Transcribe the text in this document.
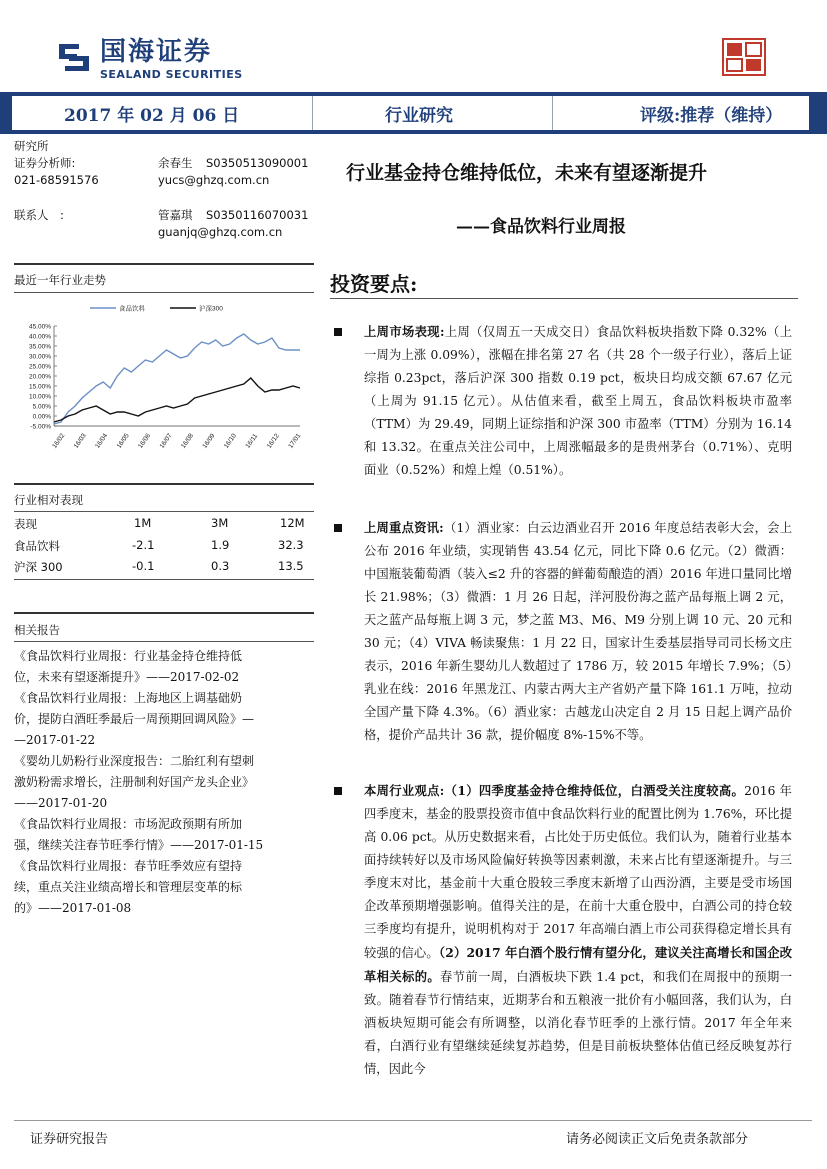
国海证券
SEALAND SECURITIES
2017 年 02 月 06 日	行业研究	评级:推荐（维持）
研究所
证券分析师:
021-68591576
余春生 S0350513090001
yucs@ghzq.com.cn
联系人　:	管嘉琪 S0350116070031
guanjq@ghzq.com.cn
行业基金持仓维持低位，未来有望逐渐提升
——食品饮料行业周报
最近一年行业走势
-5.00%
0.00%
5.00%
10.00%
15.00%
20.00%
25.00%
30.00%
35.00%
40.00%
45.00%
16/02 16/03 16/04 16/05 16/06 16/07 16/08 16/09 16/10 16/11 16/12 17/01
食品饮料	沪深300
行业相对表现
表现	1M	3M	12M
食品饮料	-2.1	1.9	32.3
沪深 300	-0.1	0.3	13.5
相关报告
《食品饮料行业周报：行业基金持仓维持低
位，未来有望逐渐提升》——2017-02-02
《食品饮料行业周报：上海地区上调基础奶
价，提防白酒旺季最后一周预期回调风险》—
—2017-01-22
《婴幼儿奶粉行业深度报告：二胎红利有望刺
激奶粉需求增长，注册制利好国产龙头企业》
——2017-01-20
《食品饮料行业周报：市场泥政预期有所加
强，继续关注春节旺季行情》——2017-01-15
《食品饮料行业周报：春节旺季效应有望持
续，重点关注业绩高增长和管理层变革的标
的》——2017-01-08
投资要点:
上周市场表现:上周（仅周五一天成交日）食品饮料板块指数下降 0.32%（上一周为上涨 0.09%），涨幅在排名第 27 名（共 28 个一级子行业），落后上证综指 0.23pct，落后沪深 300 指数 0.19 pct，板块日均成交额 67.67 亿元（上周为 91.15 亿元）。从估值来看，截至上周五，食品饮料板块市盈率（TTM）为 29.49，同期上证综指和沪深 300 市盈率（TTM）分别为 16.14 和 13.32。在重点关注公司中，上周涨幅最多的是贵州茅台（0.71%）、克明面业（0.52%）和煌上煌（0.51%）。
上周重点资讯:（1）酒业家：白云边酒业召开 2016 年度总结表彰大会，会上公布 2016 年业绩，实现销售 43.54 亿元，同比下降 0.6 亿元。（2）微酒：中国瓶装葡萄酒（装入≤2 升的容器的鲜葡萄酿造的酒）2016 年进口量同比增长 21.98%；（3）微酒：1 月 26 日起，洋河股份海之蓝产品每瓶上调 2 元，天之蓝产品每瓶上调 3 元，梦之蓝 M3、M6、M9 分别上调 10 元、20 元和 30 元；（4）VIVA 畅读聚焦：1 月 22 日，国家计生委基层指导司司长杨文庄表示，2016 年新生婴幼儿人数超过了 1786 万，较 2015 年增长 7.9%；（5）乳业在线：2016 年黑龙江、内蒙古两大主产省奶产量下降 161.1 万吨，拉动全国产量下降 4.3%。（6）酒业家：古越龙山决定自 2 月 15 日起上调产品价格，提价产品共计 36 款，提价幅度 8%-15%不等。
本周行业观点:（1）四季度基金持仓维持低位，白酒受关注度较高。2016 年四季度末，基金的股票投资市值中食品饮料行业的配置比例为 1.76%，环比提高 0.06 pct。从历史数据来看，占比处于历史低位。我们认为，随着行业基本面持续转好以及市场风险偏好转换等因素刺激，未来占比有望逐渐提升。与三季度末对比，基金前十大重仓股较三季度末新增了山西汾酒，主要是受市场国企改革预期增强影响。值得关注的是，在前十大重仓股中，白酒公司的持仓较三季度均有提升，说明机构对于 2017 年高端白酒上市公司获得稳定增长具有较强的信心。（2）2017 年白酒个股行情有望分化，建议关注高增长和国企改革相关标的。春节前一周，白酒板块下跌 1.4 pct，和我们在周报中的预期一致。随着春节行情结束，近期茅台和五粮液一批价有小幅回落，我们认为，白酒板块短期可能会有所调整，以消化春节旺季的上涨行情。2017 年全年来看，白酒行业有望继续延续复苏趋势，但是目前板块整体估值已经反映复苏行情，因此今
证券研究报告	请务必阅读正文后免责条款部分
